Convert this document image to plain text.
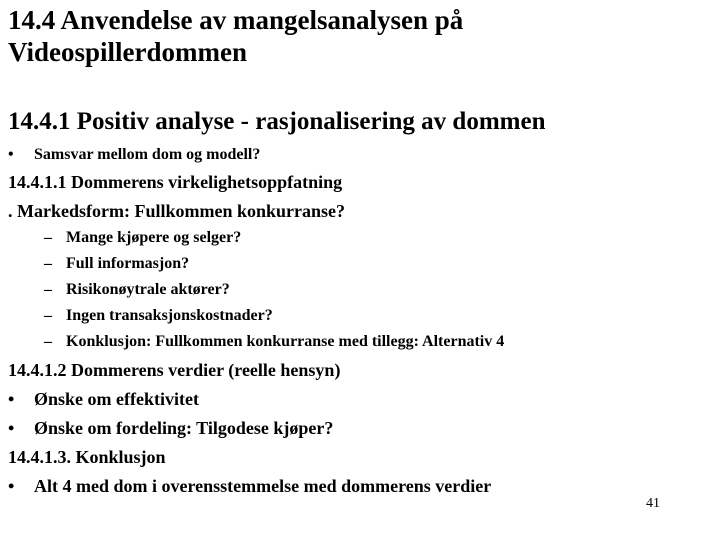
14.4 Anvendelse av mangelsanalysen på
Videospillerdommen
14.4.1 Positiv analyse - rasjonalisering av dommen
• Samsvar mellom dom og modell?
14.4.1.1 Dommerens virkelighetsoppfatning
. Markedsform: Fullkommen konkurranse?
– Mange kjøpere og selger?
– Full informasjon?
– Risikonøytrale aktører?
– Ingen transaksjonskostnader?
– Konklusjon: Fullkommen konkurranse med tillegg: Alternativ 4
14.4.1.2 Dommerens verdier (reelle hensyn)
• Ønske om effektivitet
• Ønske om fordeling: Tilgodese kjøper?
14.4.1.3. Konklusjon
• Alt 4 med dom i overensstemmelse med dommerens verdier
41
